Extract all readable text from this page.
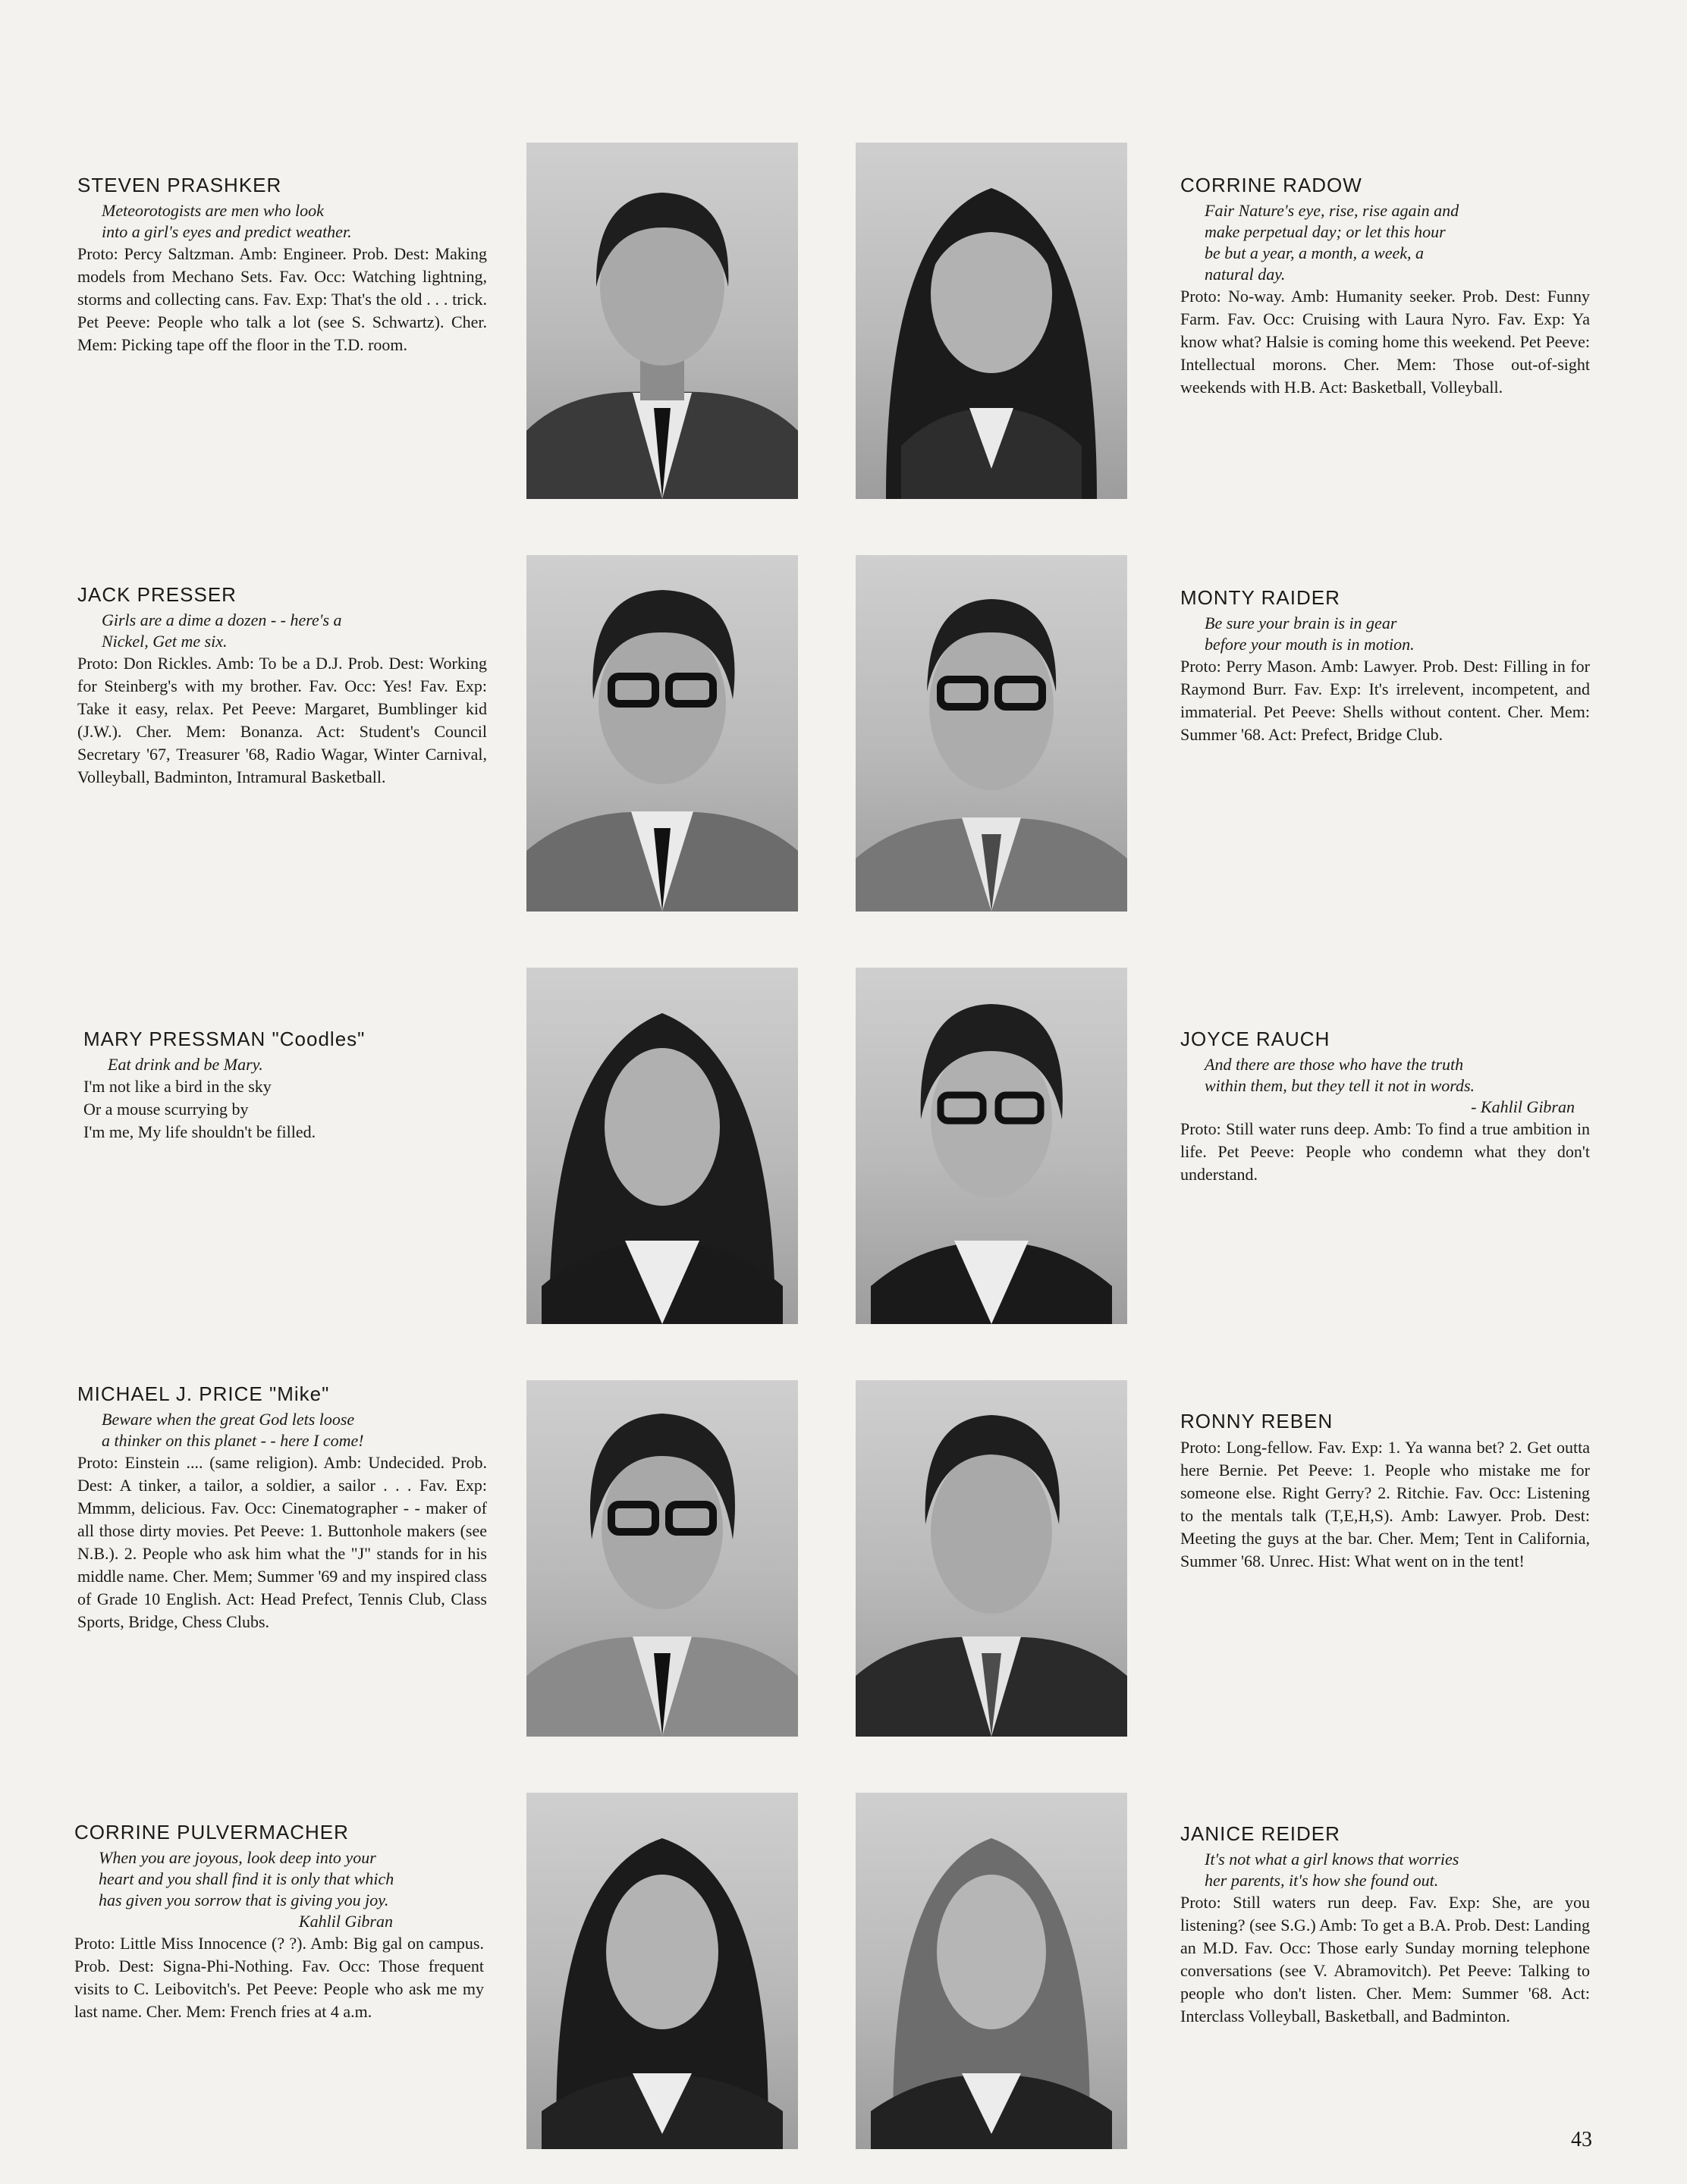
STEVEN PRASHKER
Meteorotogists are men who look
into a girl's eyes and predict weather.
Proto: Percy Saltzman. Amb: Engineer. Prob. Dest: Making models from Mechano Sets. Fav. Occ: Watching lightning, storms and collecting cans. Fav. Exp: That's the old . . . trick. Pet Peeve: People who talk a lot (see S. Schwartz). Cher. Mem: Picking tape off the floor in the T.D. room.
CORRINE RADOW
Fair Nature's eye, rise, rise again and
make perpetual day; or let this hour
be but a year, a month, a week, a
natural day.
Proto: No-way. Amb: Humanity seeker. Prob. Dest: Funny Farm. Fav. Occ: Cruising with Laura Nyro. Fav. Exp: Ya know what? Halsie is coming home this weekend. Pet Peeve: Intellectual morons. Cher. Mem: Those out-of-sight weekends with H.B. Act: Basketball, Volleyball.
JACK PRESSER
Girls are a dime a dozen - - here's a
Nickel, Get me six.
Proto: Don Rickles. Amb: To be a D.J. Prob. Dest: Working for Steinberg's with my brother. Fav. Occ: Yes! Fav. Exp: Take it easy, relax. Pet Peeve: Margaret, Bumblinger kid (J.W.). Cher. Mem: Bonanza. Act: Student's Council Secretary '67, Treasurer '68, Radio Wagar, Winter Carnival, Volleyball, Badminton, Intramural Basketball.
MONTY RAIDER
Be sure your brain is in gear
before your mouth is in motion.
Proto: Perry Mason. Amb: Lawyer. Prob. Dest: Filling in for Raymond Burr. Fav. Exp: It's irrelevent, incompetent, and immaterial. Pet Peeve: Shells without content. Cher. Mem: Summer '68. Act: Prefect, Bridge Club.
MARY PRESSMAN "Coodles"
Eat drink and be Mary.
I'm not like a bird in the sky
Or a mouse scurrying by
I'm me, My life shouldn't be filled.
JOYCE RAUCH
And there are those who have the truth
within them, but they tell it not in words.
- Kahlil Gibran
Proto: Still water runs deep. Amb: To find a true ambition in life. Pet Peeve: People who condemn what they don't understand.
MICHAEL J. PRICE "Mike"
Beware when the great God lets loose
a thinker on this planet - - here I come!
Proto: Einstein .... (same religion). Amb: Undecided. Prob. Dest: A tinker, a tailor, a soldier, a sailor . . . Fav. Exp: Mmmm, delicious. Fav. Occ: Cinematographer - - maker of all those dirty movies. Pet Peeve: 1. Buttonhole makers (see N.B.). 2. People who ask him what the "J" stands for in his middle name. Cher. Mem; Summer '69 and my inspired class of Grade 10 English. Act: Head Prefect, Tennis Club, Class Sports, Bridge, Chess Clubs.
RONNY REBEN
Proto: Long-fellow. Fav. Exp: 1. Ya wanna bet? 2. Get outta here Bernie. Pet Peeve: 1. People who mistake me for someone else. Right Gerry? 2. Ritchie. Fav. Occ: Listening to the mentals talk (T,E,H,S). Amb: Lawyer. Prob. Dest: Meeting the guys at the bar. Cher. Mem; Tent in California, Summer '68. Unrec. Hist: What went on in the tent!
CORRINE PULVERMACHER
When you are joyous, look deep into your
heart and you shall find it is only that which
has given you sorrow that is giving you joy.
Kahlil Gibran
Proto: Little Miss Innocence (? ?). Amb: Big gal on campus. Prob. Dest: Signa-Phi-Nothing. Fav. Occ: Those frequent visits to C. Leibovitch's. Pet Peeve: People who ask me my last name. Cher. Mem: French fries at 4 a.m.
JANICE REIDER
It's not what a girl knows that worries
her parents, it's how she found out.
Proto: Still waters run deep. Fav. Exp: She, are you listening? (see S.G.) Amb: To get a B.A. Prob. Dest: Landing an M.D. Fav. Occ: Those early Sunday morning telephone conversations (see V. Abramovitch). Pet Peeve: Talking to people who don't listen. Cher. Mem: Summer '68. Act: Interclass Volleyball, Basketball, and Badminton.
43
